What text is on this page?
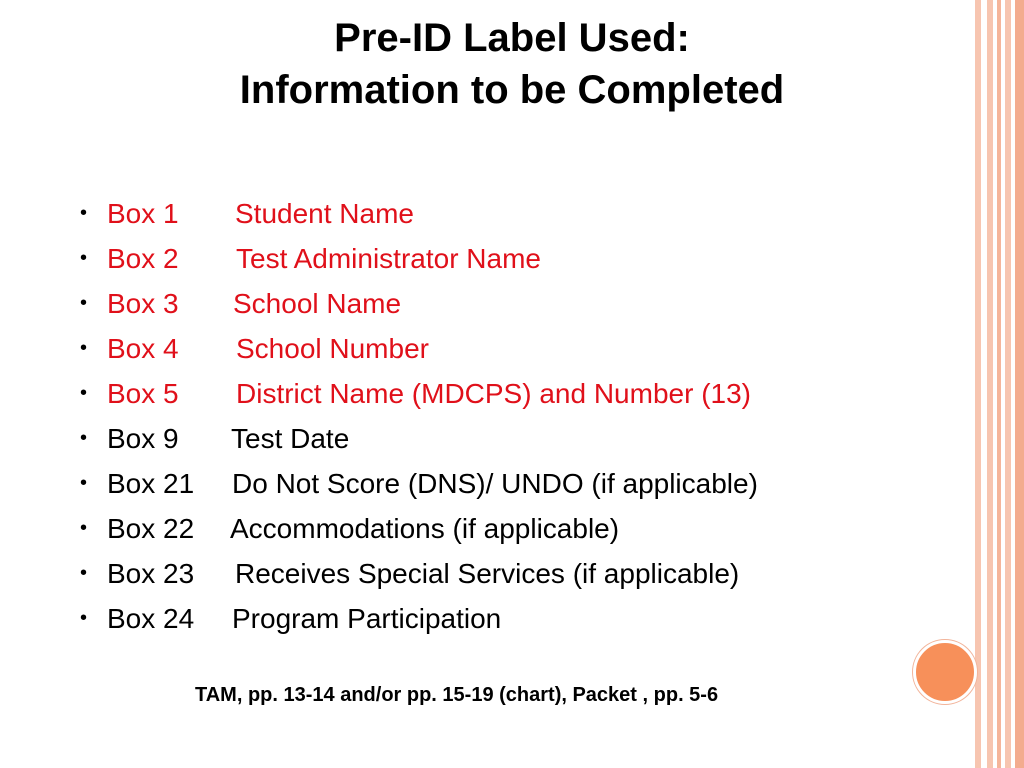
Pre-ID Label Used:
Information to be Completed
• Box 1 Student Name
• Box 2 Test Administrator Name
• Box 3 School Name
• Box 4 School Number
• Box 5 District Name (MDCPS) and Number (13)
• Box 9 Test Date
• Box 21 Do Not Score (DNS)/ UNDO (if applicable)
• Box 22 Accommodations (if applicable)
• Box 23 Receives Special Services (if applicable)
• Box 24 Program Participation
TAM, pp. 13-14 and/or pp. 15-19 (chart), Packet , pp. 5-6
